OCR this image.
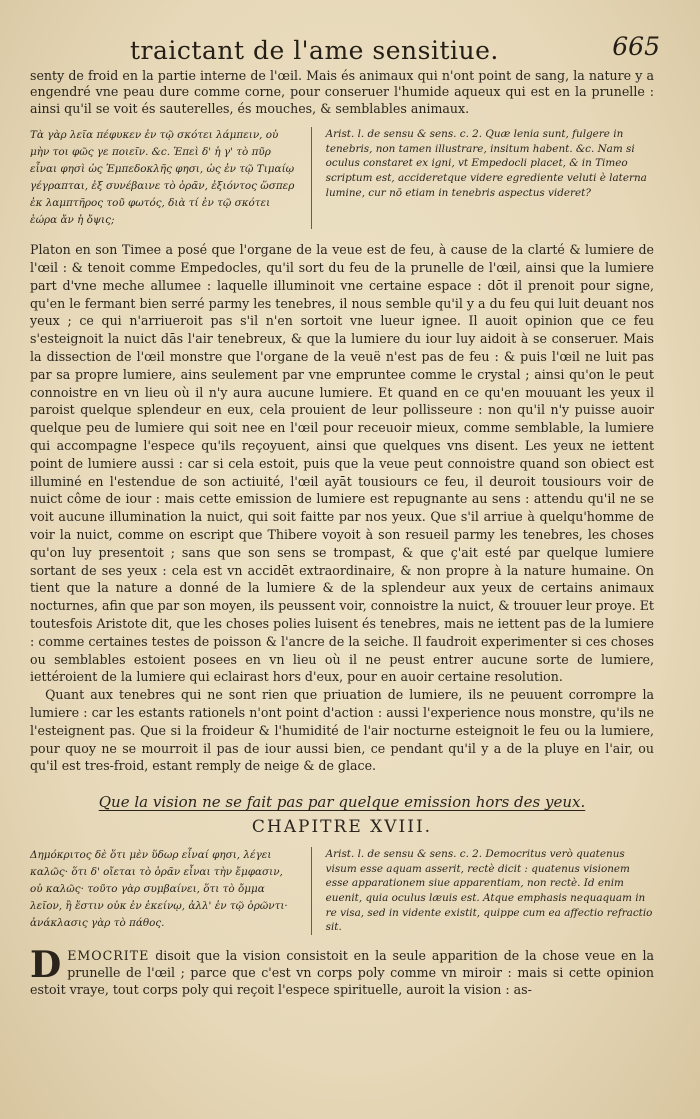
traictant de l'ame sensitiue.	665

senty de froid en la partie interne de l'œil. Mais és animaux qui n'ont point de sang, la nature y a engendré vne peau dure comme corne, pour conseruer l'humide aqueux qui est en la prunelle : ainsi qu'il se voit és sauterelles, és mouches, & semblables animaux.

Τὰ γὰρ λεῖα πέφυκεν ἐν τῷ σκότει λάμπειν, οὐ μὴν τοι φῶς γε ποιεῖν. &c. Ἐπεὶ δ' ἡ γ' τὸ πῦρ εἶναι φησὶ ὡς Ἐμπεδοκλῆς φησι, ὡς ἐν τῷ Τιμαίῳ γέγραπται, ἐξ συνέβαινε τὸ ὁρᾶν, ἐξιόντος ὥσπερ ἐκ λαμπτῆρος τοῦ φωτός, διὰ τί ἐν τῷ σκότει ἑώρα ἄν ἡ ὄψις;
Arist. l. de sensu & sens. c. 2. Quæ lenia sunt, fulgere in tenebris, non tamen illustrare, insitum habent. &c. Nam si oculus constaret ex igni, vt Empedocli placet, & in Timeo scriptum est, accideretque videre egrediente veluti è laterna lumine, cur nō etiam in tenebris aspectus videret?

Platon en son Timee a posé que l'organe de la veue est de feu, à cause de la clarté & lumiere de l'œil : & tenoit comme Empedocles, qu'il sort du feu de la prunelle de l'œil, ainsi que la lumiere part d'vne meche allumee : laquelle illuminoit vne certaine espace : dōt il prenoit pour signe, qu'en le fermant bien serré parmy les tenebres, il nous semble qu'il y a du feu qui luit deuant nos yeux ; ce qui n'arriueroit pas s'il n'en sortoit vne lueur ignee. Il auoit opinion que ce feu s'esteignoit la nuict dās l'air tenebreux, & que la lumiere du iour luy aidoit à se conseruer. Mais la dissection de l'œil monstre que l'organe de la veuë n'est pas de feu : & puis l'œil ne luit pas par sa propre lumiere, ains seulement par vne empruntee comme le crystal ; ainsi qu'on le peut connoistre en vn lieu où il n'y aura aucune lumiere. Et quand en ce qu'en mouuant les yeux il paroist quelque splendeur en eux, cela prouient de leur pollisseure : non qu'il n'y puisse auoir quelque peu de lumiere qui soit nee en l'œil pour receuoir mieux, comme semblable, la lumiere qui accompagne l'espece qu'ils reçoyuent, ainsi que quelques vns disent. Les yeux ne iettent point de lumiere aussi : car si cela estoit, puis que la veue peut connoistre quand son obiect est illuminé en l'estendue de son actiuité, l'œil ayāt tousiours ce feu, il deuroit tousiours voir de nuict côme de iour : mais cette emission de lumiere est repugnante au sens : attendu qu'il ne se voit aucune illumination la nuict, qui soit faitte par nos yeux. Que s'il arriue à quelqu'homme de voir la nuict, comme on escript que Thibere voyoit à son resueil parmy les tenebres, les choses qu'on luy presentoit ; sans que son sens se trompast, & que ç'ait esté par quelque lumiere sortant de ses yeux : cela est vn accidēt extraordinaire, & non propre à la nature humaine. On tient que la nature a donné de la lumiere & de la splendeur aux yeux de certains animaux nocturnes, afin que par son moyen, ils peussent voir, connoistre la nuict, & trouuer leur proye. Et toutesfois Aristote dit, que les choses polies luisent és tenebres, mais ne iettent pas de la lumiere : comme certaines testes de poisson & l'ancre de la seiche. Il faudroit experimenter si ces choses ou semblables estoient posees en vn lieu où il ne peust entrer aucune sorte de lumiere, iettéroient de la lumiere qui eclairast hors d'eux, pour en auoir certaine resolution.

Quant aux tenebres qui ne sont rien que priuation de lumiere, ils ne peuuent corrompre la lumiere : car les estants rationels n'ont point d'action : aussi l'experience nous monstre, qu'ils ne l'esteignent pas. Que si la froideur & l'humidité de l'air nocturne esteignoit le feu ou la lumiere, pour quoy ne se mourroit il pas de iour aussi bien, ce pendant qu'il y a de la pluye en l'air, ou qu'il est tres-froid, estant remply de neige & de glace.

Que la vision ne se fait pas par quelque emission hors des yeux.
CHAPITRE XVIII.
Δημόκριτος δὲ ὅτι μὲν ὕδωρ εἶναί φησι, λέγει καλῶς· ὅτι δ' οἴεται τὸ ὁρᾶν εἶναι τὴν ἔμφασιν, οὐ καλῶς· τοῦτο γὰρ συμβαίνει, ὅτι τὸ ὄμμα λεῖον, ἢ ἔστιν οὐκ ἐν ἐκείνῳ, ἀλλ' ἐν τῷ ὁρῶντι· ἀνάκλασις γὰρ τὸ πάθος.
Arist. l. de sensu & sens. c. 2. Democritus verò quatenus visum esse aquam asserit, rectè dicit : quatenus visionem esse apparationem siue apparentiam, non rectè. Id enim euenit, quia oculus læuis est. Atque emphasis nequaquam in re visa, sed in vidente existit, quippe cum ea affectio refractio sit.
DEMOCRITE disoit que la vision consistoit en la seule apparition de la chose veue en la prunelle de l'œil ; parce que c'est vn corps poly comme vn miroir : mais si cette opinion estoit vraye, tout corps poly qui reçoit l'espece spirituelle, auroit la vision : as-
